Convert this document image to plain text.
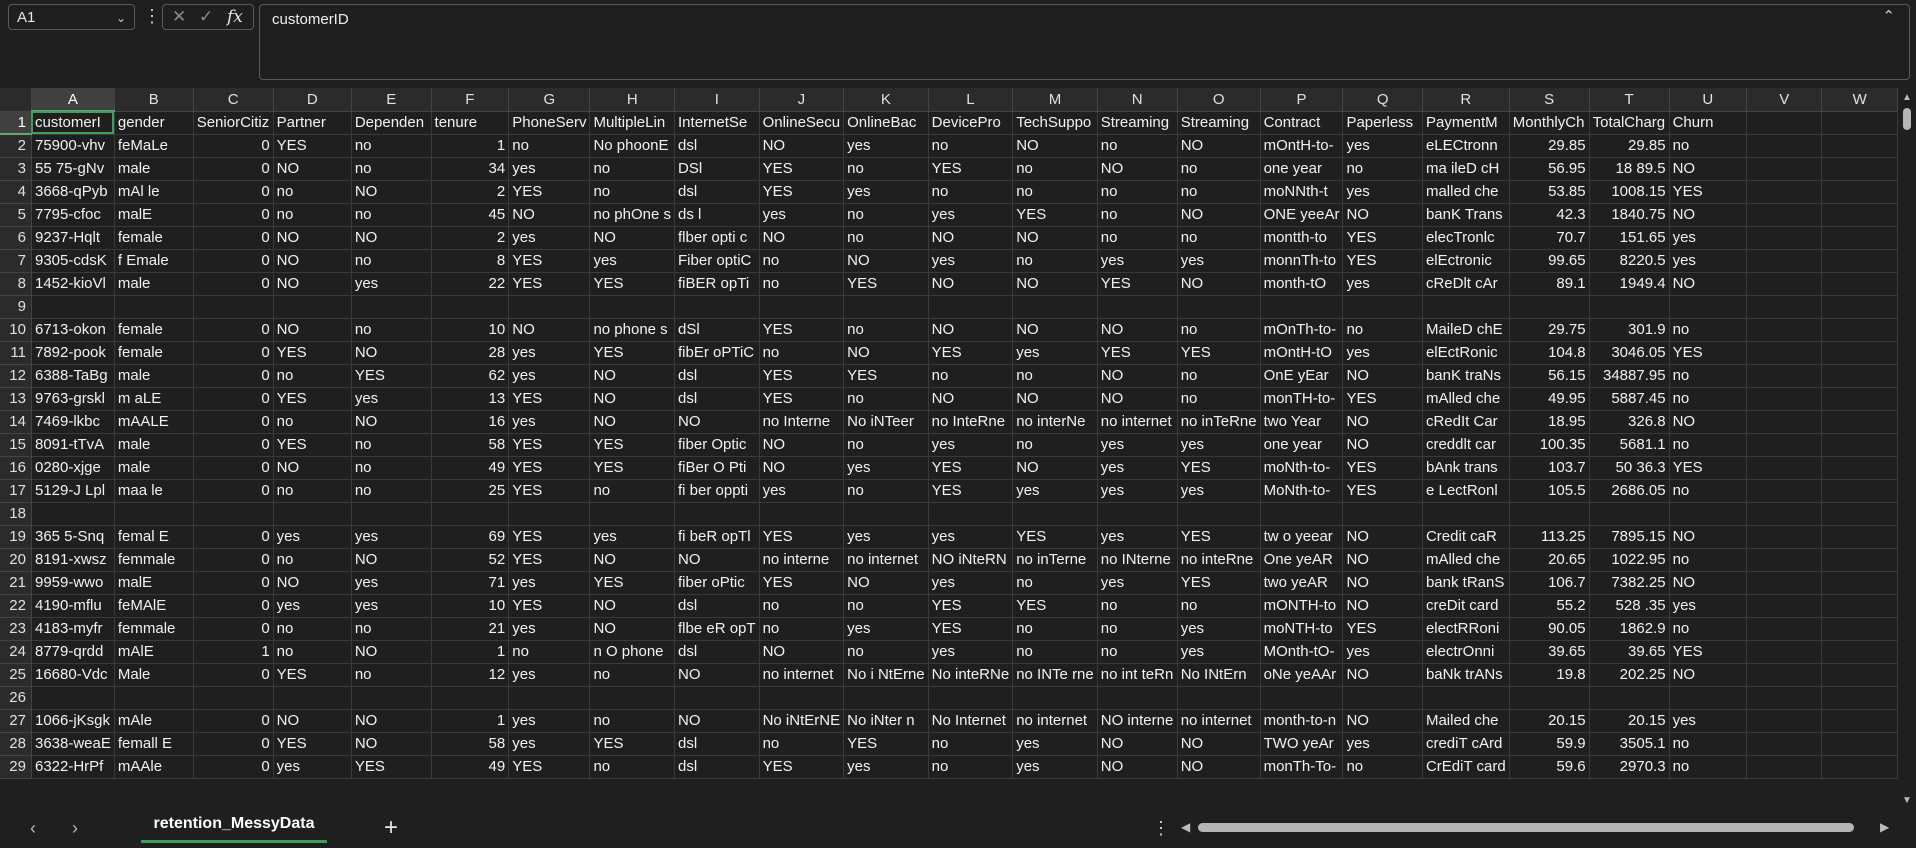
A1	⌄ ⋮ ✕ ✓ fx	customerID	⌃
	A	B	C	D	E	F	G	H	I	J	K	L	M	N	O	P	Q	R	S	T	U	V	W
1	customerI	gender	SeniorCitiz	Partner	Dependen	tenure	PhoneServ	MultipleLin	InternetSe	OnlineSecu	OnlineBac	DevicePro	TechSuppo	Streaming	Streaming	Contract	Paperless	PaymentM	MonthlyCh	TotalCharg	Churn		
2	75900-vhv	feMaLe	0	YES	no	1	no	No phoonE	dsl	NO	yes	no	NO	no	NO	mOntH-to-	yes	eLECtronn	29.85	29.85	no		
3	55 75-gNv	male	0	NO	no	34	yes	no	DSl	YES	no	YES	no	NO	no	one year	no	ma ileD cH	56.95	18 89.5	NO		
4	3668-qPyb	mAl le	0	no	NO	2	YES	no	dsl	YES	yes	no	no	no	no	moNNth-t	yes	malled che	53.85	1008.15	YES		
5	7795-cfoc	malE	0	no	no	45	NO	no phOne s	ds l	yes	no	yes	YES	no	NO	ONE yeeAr	NO	banK Trans	42.3	1840.75	NO		
6	9237-Hqlt	female	0	NO	NO	2	yes	NO	flber opti c	NO	no	NO	NO	no	no	montth-to	YES	elecTronlc	70.7	151.65	yes		
7	9305-cdsK	f Emale	0	NO	no	8	YES	yes	Fiber optiC	no	NO	yes	no	yes	yes	monnTh-to	YES	elEctronic	99.65	8220.5	yes		
8	1452-kioVl	male	0	NO	yes	22	YES	YES	fiBER opTi	no	YES	NO	NO	YES	NO	month-tO	yes	cReDlt cAr	89.1	1949.4	NO		
9																							
10	6713-okon	female	0	NO	no	10	NO	no phone s	dSl	YES	no	NO	NO	NO	no	mOnTh-to-	no	MaileD chE	29.75	301.9	no		
11	7892-pook	female	0	YES	NO	28	yes	YES	fibEr oPTiC	no	NO	YES	yes	YES	YES	mOntH-tO	yes	elEctRonic	104.8	3046.05	YES		
12	6388-TaBg	male	0	no	YES	62	yes	NO	dsl	YES	YES	no	no	NO	no	OnE yEar	NO	banK traNs	56.15	34887.95	no		
13	9763-grskl	m aLE	0	YES	yes	13	YES	NO	dsl	YES	no	NO	NO	NO	no	monTH-to-	YES	mAlled che	49.95	5887.45	no		
14	7469-lkbc	mAALE	0	no	NO	16	yes	NO	NO	no Interne	No iNTeer	no InteRne	no interNe	no internet	no inTeRne	two Year	NO	cRedIt Car	18.95	326.8	NO		
15	8091-tTvA	male	0	YES	no	58	YES	YES	fiber Optic	NO	no	yes	no	yes	yes	one year	NO	creddlt car	100.35	5681.1	no		
16	0280-xjge	male	0	NO	no	49	YES	YES	fiBer O Pti	NO	yes	YES	NO	yes	YES	moNth-to-	YES	bAnk trans	103.7	50 36.3	YES		
17	5129-J Lpl	maa le	0	no	no	25	YES	no	fi ber oppti	yes	no	YES	yes	yes	yes	MoNth-to-	YES	e LectRonl	105.5	2686.05	no		
18																							
19	365 5-Snq	femal E	0	yes	yes	69	YES	yes	fi beR opTl	YES	yes	yes	YES	yes	YES	tw o yeear	NO	Credit caR	113.25	7895.15	NO		
20	8191-xwsz	femmale	0	no	NO	52	YES	NO	NO	no interne	no internet	NO iNteRN	no inTerne	no INterne	no inteRne	One yeAR	NO	mAlled che	20.65	1022.95	no		
21	9959-wwo	malE	0	NO	yes	71	yes	YES	fiber oPtic	YES	NO	yes	no	yes	YES	two yeAR	NO	bank tRanS	106.7	7382.25	NO		
22	4190-mflu	feMAlE	0	yes	yes	10	YES	NO	dsl	no	no	YES	YES	no	no	mONTH-to	NO	creDit card	55.2	528 .35	yes		
23	4183-myfr	femmale	0	no	no	21	yes	NO	flbe eR opT	no	yes	YES	no	no	yes	moNTH-to	YES	electRRoni	90.05	1862.9	no		
24	8779-qrdd	mAlE	1	no	NO	1	no	n O phone	dsl	NO	no	yes	no	no	yes	MOnth-tO-	yes	electrOnni	39.65	39.65	YES		
25	16680-Vdc	Male	0	YES	no	12	yes	no	NO	no internet	No i NtErne	No inteRNe	no INTe rne	no int teRn	No INtErn	oNe yeAAr	NO	baNk trANs	19.8	202.25	NO		
26																							
27	1066-jKsgk	mAle	0	NO	NO	1	yes	no	NO	No iNtErNE	No iNter n	No Internet	no internet	NO interne	no internet	month-to-n	NO	Mailed che	20.15	20.15	yes		
28	3638-weaE	femall E	0	YES	NO	58	yes	YES	dsl	no	YES	no	yes	NO	NO	TWO yeAr	yes	crediT cArd	59.9	3505.1	no		
29	6322-HrPf	mAAle	0	yes	YES	49	YES	no	dsl	YES	yes	no	yes	NO	NO	monTh-To-	no	CrEdiT card	59.6	2970.3	no		
▲
▼
‹ ›	retention_MessyData	+	⋮ ◀	▶
